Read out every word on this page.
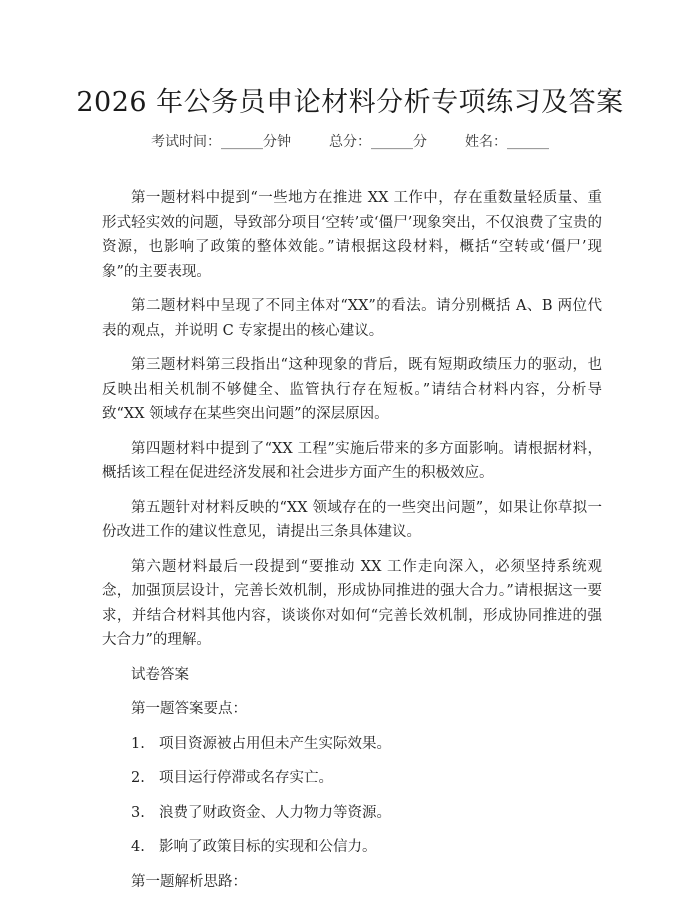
2026 年公务员申论材料分析专项练习及答案
考试时间：______分钟	总分：______分	姓名：______

第一题材料中提到“一些地方在推进 XX 工作中，存在重数量轻质量、重形式轻实效的问题，导致部分项目‘空转’或‘僵尸’现象突出，不仅浪费了宝贵的资源，也影响了政策的整体效能。”请根据这段材料，概括“空转或‘僵尸’现象”的主要表现。

第二题材料中呈现了不同主体对“XX”的看法。请分别概括 A、B 两位代表的观点，并说明 C 专家提出的核心建议。

第三题材料第三段指出“这种现象的背后，既有短期政绩压力的驱动，也反映出相关机制不够健全、监管执行存在短板。”请结合材料内容，分析导致“XX 领域存在某些突出问题”的深层原因。

第四题材料中提到了“XX 工程”实施后带来的多方面影响。请根据材料，概括该工程在促进经济发展和社会进步方面产生的积极效应。

第五题针对材料反映的“XX 领域存在的一些突出问题”，如果让你草拟一份改进工作的建议性意见，请提出三条具体建议。

第六题材料最后一段提到“要推动 XX 工作走向深入，必须坚持系统观念，加强顶层设计，完善长效机制，形成协同推进的强大合力。”请根据这一要求，并结合材料其他内容，谈谈你对如何“完善长效机制，形成协同推进的强大合力”的理解。

试卷答案

第一题答案要点：

1. 项目资源被占用但未产生实际效果。

2. 项目运行停滞或名存实亡。

3. 浪费了财政资金、人力物力等资源。

4. 影响了政策目标的实现和公信力。

第一题解析思路：
